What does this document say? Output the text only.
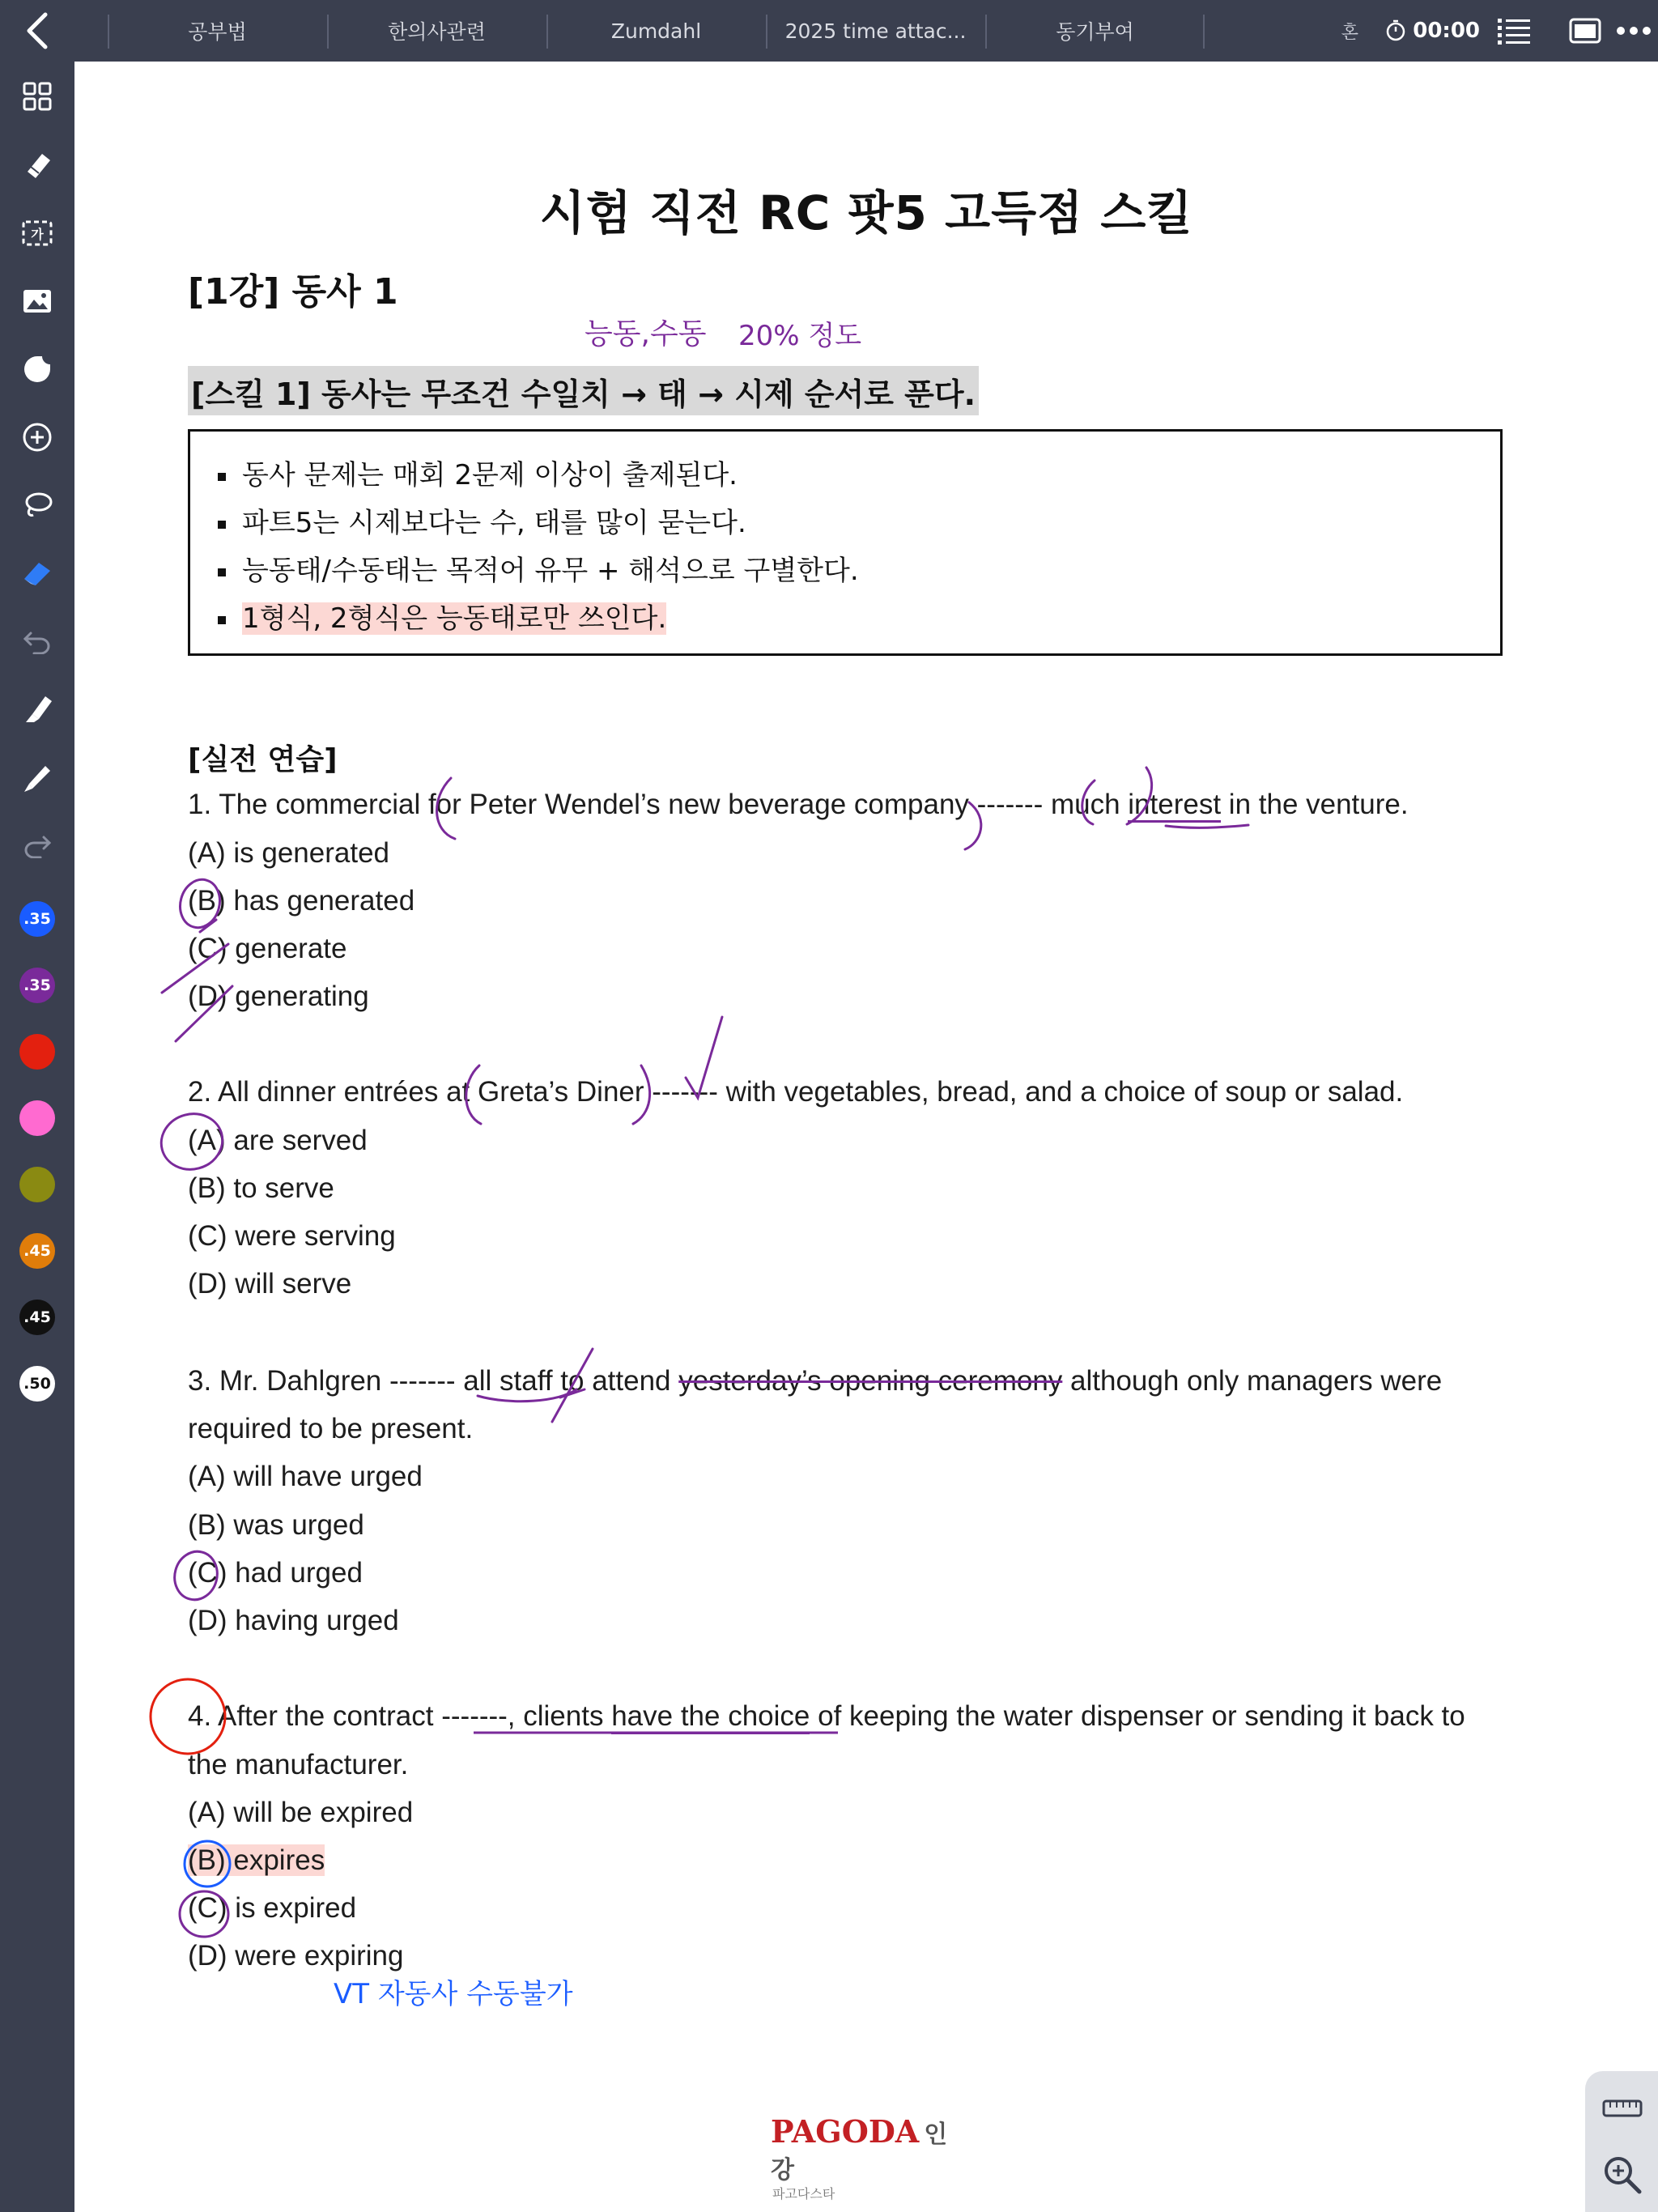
공부법	한의사관련	Zumdahl	2025 time attac...	동기부여	혼	00:00
가
.35
.35
.45
.45
.50
시험 직전 RC 팟5 고득점 스킬
[1강] 동사 1
[스킬 1] 동사는 무조건 수일치 → 태 → 시제 순서로 푼다.
동사 문제는 매회 2문제 이상이 출제된다.
파트5는 시제보다는 수, 태를 많이 묻는다.
능동태/수동태는 목적어 유무 + 해석으로 구별한다.
1형식, 2형식은 능동태로만 쓰인다.
[실전 연습]
1. The commercial for Peter Wendel’s new beverage company ------- much interest in the venture.
(A) is generated
(B) has generated
(C) generate
(D) generating
2. All dinner entrées at Greta’s Diner ------- with vegetables, bread, and a choice of soup or salad.
(A) are served
(B) to serve
(C) were serving
(D) will serve
3. Mr. Dahlgren ------- all staff to attend yesterday’s opening ceremony although only managers were
required to be present.
(A) will have urged
(B) was urged
(C) had urged
(D) having urged
4. After the contract -------, clients have the choice of keeping the water dispenser or sending it back to
the manufacturer.
(A) will be expired
(B) expires
(C) is expired
(D) were expiring
능동,수동 20% 정도
VT 자동사 수동불가
PAGODA 인강
파고다스타
